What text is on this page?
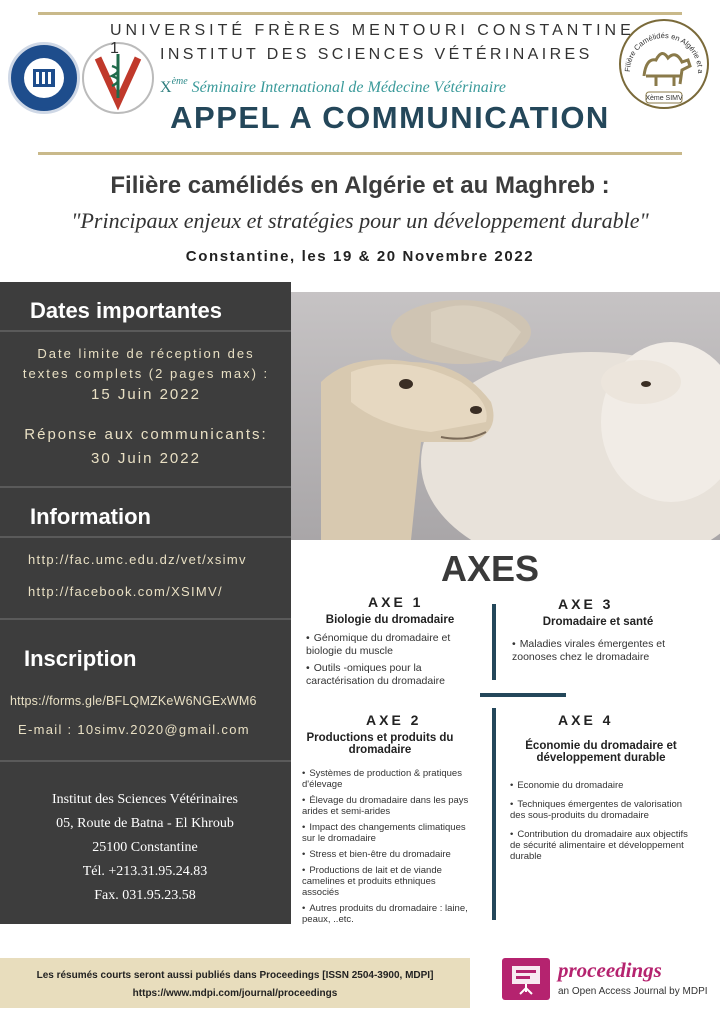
UNIVERSITÉ FRÈRES MENTOURI CONSTANTINE 1	INSTITUT DES SCIENCES VÉTÉRINAIRES
Xème Séminaire International de Médecine Vétérinaire
Filière Camélidés en Algérie et a
Xème SIMV
APPEL A COMMUNICATION
Filière camélidés en Algérie et au Maghreb :
"Principaux enjeux et stratégies pour un développement durable"
Constantine, les 19 & 20 Novembre 2022
Dates importantes
Date limite de réception des
textes complets (2 pages max) :
15 Juin 2022
Réponse aux communicants:
30 Juin 2022
Information
http://fac.umc.edu.dz/vet/xsimv
http://facebook.com/XSIMV/
Inscription
https://forms.gle/BFLQMZKeW6NGExWM6
E-mail : 10simv.2020@gmail.com
Institut des Sciences Vétérinaires
05, Route de Batna - El Khroub
25100 Constantine
Tél. +213.31.95.24.83
Fax. 031.95.23.58
AXES
AXE 1
Biologie du dromadaire
• Génomique du dromadaire et biologie du muscle
• Outils -omiques pour la caractérisation du dromadaire
AXE 3
Dromadaire et santé
• Maladies virales émergentes et zoonoses chez le dromadaire
AXE 2
Productions et produits du dromadaire
• Systèmes de production & pratiques d'élevage
• Élevage du dromadaire dans les pays arides et semi-arides
• Impact des changements climatiques sur le dromadaire
• Stress et bien-être du dromadaire
• Productions de lait et de viande camelines et produits ethniques associés
• Autres produits du dromadaire : laine, peaux, ..etc.
AXE 4
Économie du dromadaire et développement durable
• Economie du dromadaire
• Techniques émergentes de valorisation des sous-produits du dromadaire
• Contribution du dromadaire aux objectifs de sécurité alimentaire et développement durable
Les résumés courts seront aussi publiés dans Proceedings [ISSN 2504-3900, MDPI]
https://www.mdpi.com/journal/proceedings
proceedings
an Open Access Journal by MDPI
